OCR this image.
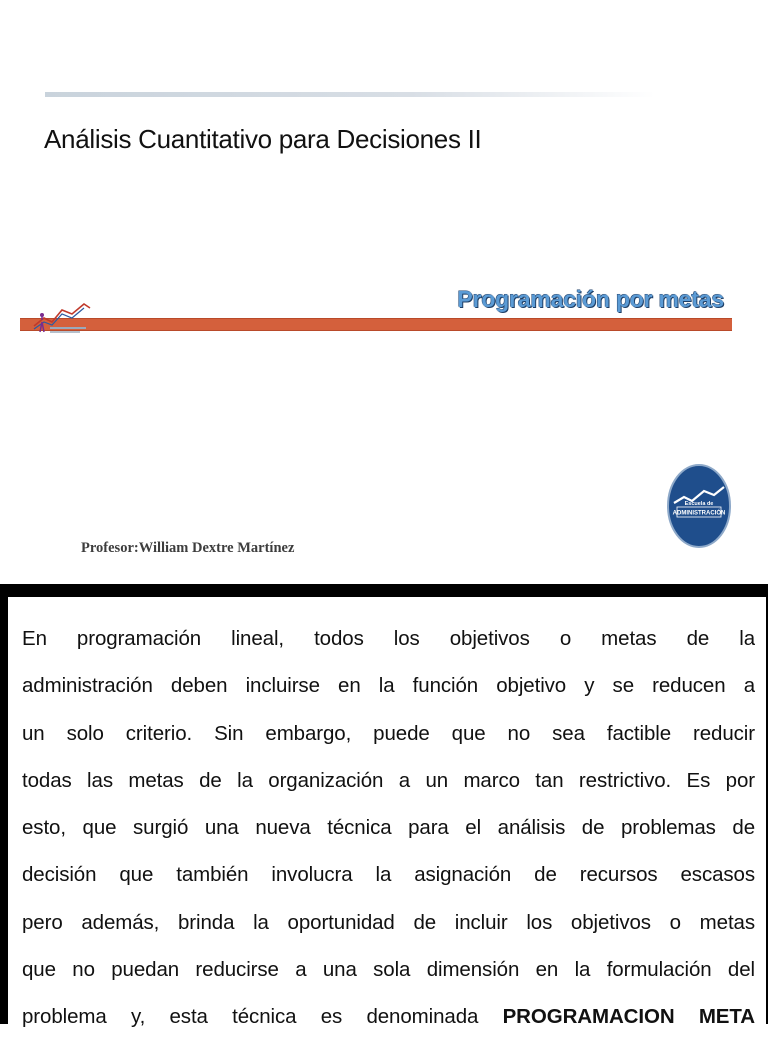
Análisis Cuantitativo para Decisiones II
Programación por metas
Escuela de
ADMINISTRACIÓN
Profesor:William Dextre Martínez

En programación lineal, todos los objetivos o metas de la
administración deben incluirse en la función objetivo y se reducen a
un solo criterio. Sin embargo, puede que no sea factible reducir
todas las metas de la organización a un marco tan restrictivo. Es por
esto, que surgió una nueva técnica para el análisis de problemas de
decisión que también involucra la asignación de recursos escasos
pero además, brinda la oportunidad de incluir los objetivos o metas
que no puedan reducirse a una sola dimensión en la formulación del
problema y, esta técnica es denominada PROGRAMACION META
